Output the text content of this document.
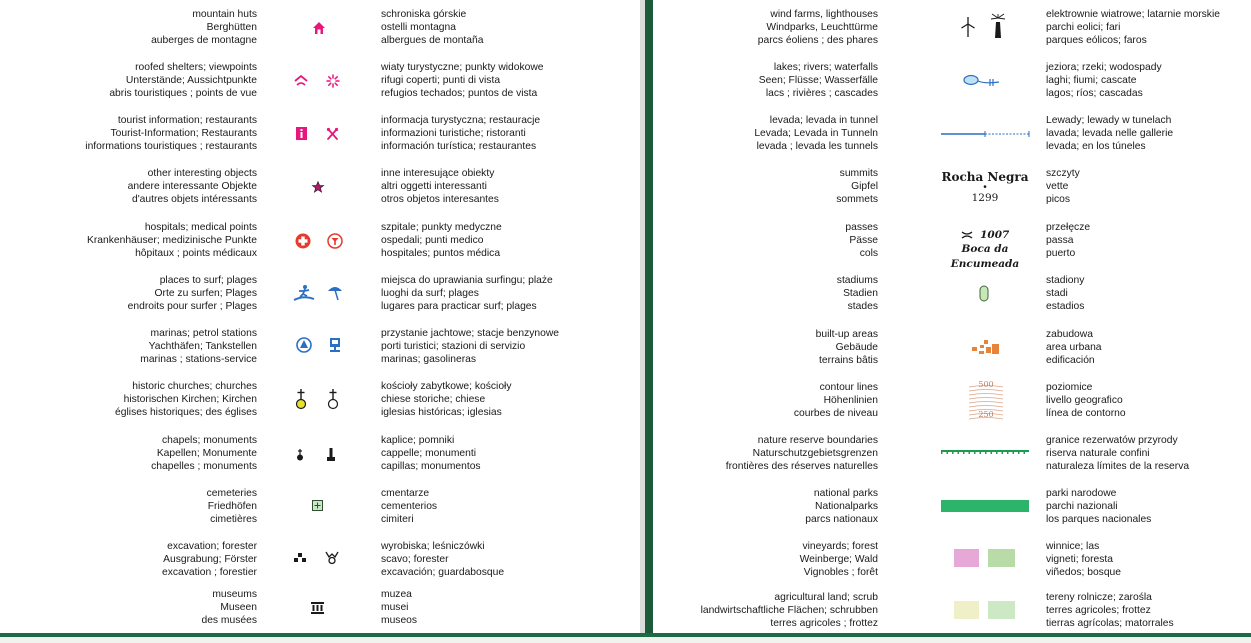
mountain huts
Berghütten
auberges de montagne
schroniska górskie
ostelli montagna
albergues de montaña
roofed shelters; viewpoints
Unterstände; Aussichtpunkte
abris touristiques ; points de vue
wiaty turystyczne; punkty widokowe
rifugi coperti; punti di vista
refugios techados; puntos de vista
tourist information; restaurants
Tourist-Information; Restaurants
informations touristiques ; restaurants
informacja turystyczna; restauracje
informazioni turistiche; ristoranti
información turística; restaurantes
other interesting objects
andere interessante Objekte
d'autres objets intéressants
inne interesujące obiekty
altri oggetti interessanti
otros objetos interesantes
hospitals; medical points
Krankenhäuser; medizinische Punkte
hôpitaux ; points médicaux
szpitale; punkty medyczne
ospedali; punti medico
hospitales; puntos médica
places to surf; plages
Orte zu surfen; Plages
endroits pour surfer ; Plages
miejsca do uprawiania surfingu; plaże
luoghi da surf; plages
lugares para practicar surf; plages
marinas; petrol stations
Yachthäfen; Tankstellen
marinas ; stations-service
przystanie jachtowe; stacje benzynowe
porti turistici; stazioni di servizio
marinas; gasolineras
historic churches; churches
historischen Kirchen; Kirchen
églises historiques; des églises
kościoły zabytkowe; kościoły
chiese storiche; chiese
iglesias históricas; iglesias
chapels; monuments
Kapellen; Monumente
chapelles ; monuments
kaplice; pomniki
cappelle; monumenti
capillas; monumentos
cemeteries
Friedhöfen
cimetières
cmentarze
cementerios
cimiteri
excavation; forester
Ausgrabung; Förster
excavation ; forestier
wyrobiska; leśniczówki
scavo; forester
excavación; guardabosque
museums
Museen
des musées
muzea
musei
museos
wind farms, lighthouses
Windparks, Leuchttürme
parcs éoliens ; des phares
elektrownie wiatrowe; latarnie morskie
parchi eolici; fari
parques eólicos; faros
lakes; rivers; waterfalls
Seen; Flüsse; Wasserfälle
lacs ; rivières ; cascades
jeziora; rzeki; wodospady
laghi; fiumi; cascate
lagos; ríos; cascadas
levada; levada in tunnel
Levada; Levada in Tunneln
levada ; levada les tunnels
Lewady; lewady w tunelach
lavada; levada nelle gallerie
levada; en los túneles
summits
Gipfel
sommets
Rocha Negra
•
1299
szczyty
vette
picos
passes
Pässe
cols
1007
Boca da Encumeada
przełęcze
passa
puerto
stadiums
Stadien
stades
stadiony
stadi
estadios
built-up areas
Gebäude
terrains bâtis
zabudowa
area urbana
edificación
contour lines
Höhenlinien
courbes de niveau
500
250
poziomice
livello geografico
línea de contorno
nature reserve boundaries
Naturschutzgebietsgrenzen
frontières des réserves naturelles
granice rezerwatów przyrody
riserva naturale confini
naturaleza límites de la reserva
national parks
Nationalparks
parcs nationaux
parki narodowe
parchi nazionali
los parques nacionales
vineyards; forest
Weinberge; Wald
Vignobles ; forêt
winnice; las
vigneti; foresta
viñedos; bosque
agricultural land; scrub
landwirtschaftliche Flächen; schrubben
terres agricoles ; frottez
tereny rolnicze; zarośla
terres agricoles; frottez
tierras agrícolas; matorrales
